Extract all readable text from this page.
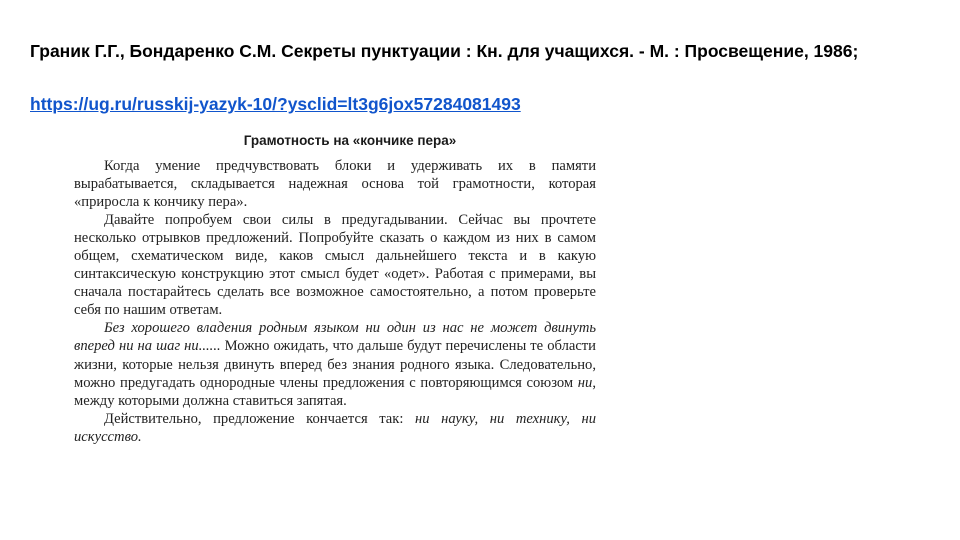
Граник Г.Г., Бондаренко С.М. Секреты пунктуации : Кн. для учащихся. - М. : Просвещение, 1986;

https://ug.ru/russkij-yazyk-10/?ysclid=lt3g6jox57284081493
Грамотность на «кончике пера»

Когда умение предчувствовать блоки и удерживать их в памяти вырабатывается, складывается надежная основа той грамотности, которая «приросла к кончику пера».

Давайте попробуем свои силы в предугадывании. Сейчас вы прочтете несколько отрывков предложений. Попробуйте сказать о каждом из них в самом общем, схематическом виде, каков смысл дальнейшего текста и в какую синтаксическую конструкцию этот смысл будет «одет». Работая с примерами, вы сначала постарайтесь сделать все возможное самостоятельно, а потом проверьте себя по нашим ответам.

Без хорошего владения родным языком ни один из нас не может двинуть вперед ни на шаг ни...... Можно ожидать, что дальше будут перечислены те области жизни, которые нельзя двинуть вперед без знания родного языка. Следовательно, можно предугадать однородные члены предложения с повторяющимся союзом ни, между которыми должна ставиться запятая.

Действительно, предложение кончается так: ни науку, ни технику, ни искусство.
